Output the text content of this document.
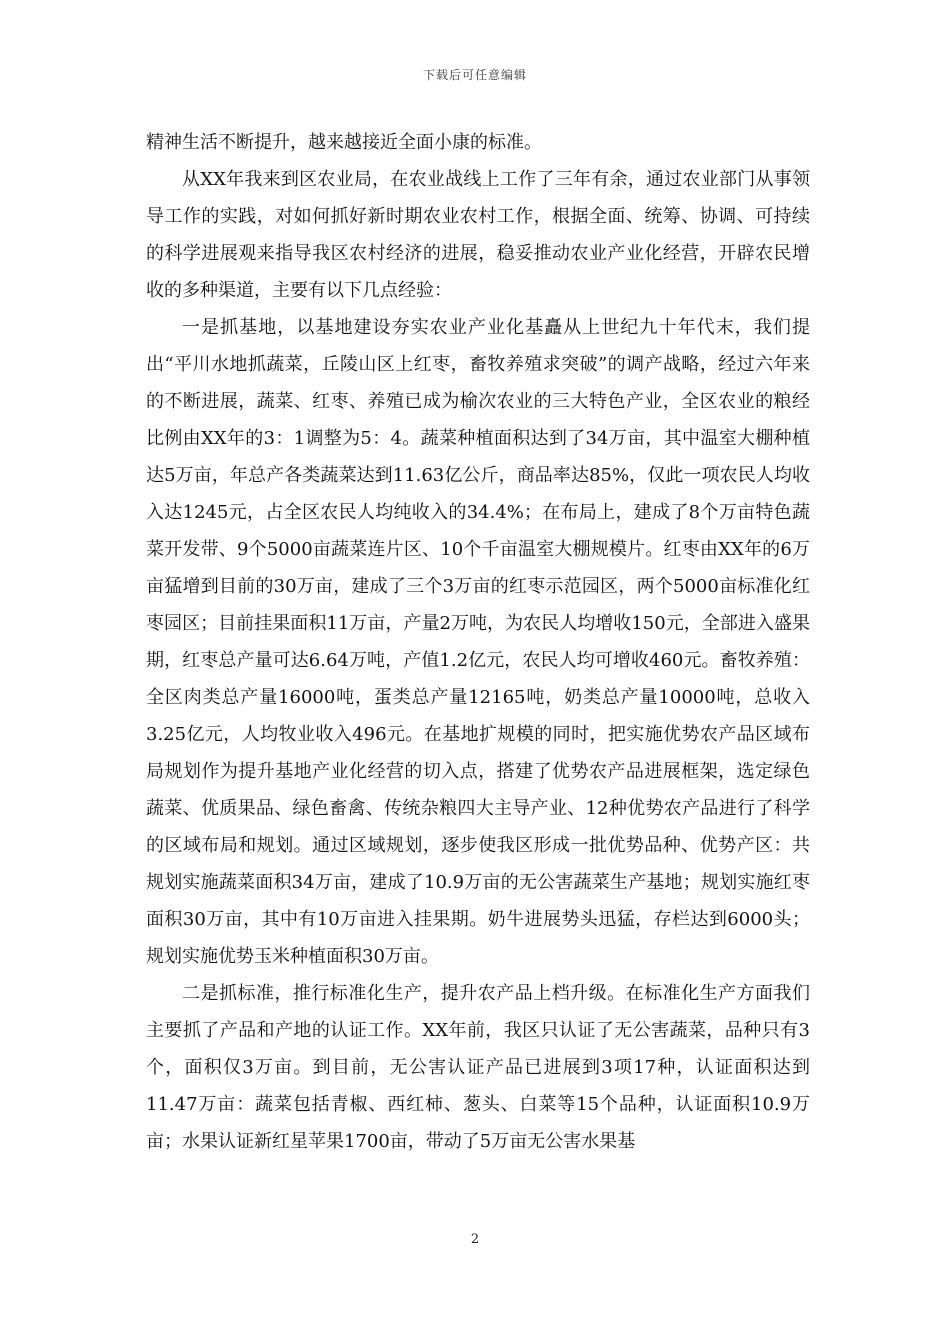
下载后可任意编辑

精神生活不断提升，越来越接近全面小康的标准。

从XX年我来到区农业局，在农业战线上工作了三年有余，通过农业部门从事领导工作的实践，对如何抓好新时期农业农村工作，根据全面、统筹、协调、可持续的科学进展观来指导我区农村经济的进展，稳妥推动农业产业化经营，开辟农民增收的多种渠道，主要有以下几点经验：

一是抓基地，以基地建设夯实农业产业化基矗从上世纪九十年代末，我们提出“平川水地抓蔬菜，丘陵山区上红枣，畜牧养殖求突破”的调产战略，经过六年来的不断进展，蔬菜、红枣、养殖已成为榆次农业的三大特色产业，全区农业的粮经比例由XX年的3：1调整为5：4。蔬菜种植面积达到了34万亩，其中温室大棚种植达5万亩，年总产各类蔬菜达到11.63亿公斤，商品率达85%，仅此一项农民人均收入达1245元，占全区农民人均纯收入的34.4%；在布局上，建成了8个万亩特色蔬菜开发带、9个5000亩蔬菜连片区、10个千亩温室大棚规模片。红枣由XX年的6万亩猛增到目前的30万亩，建成了三个3万亩的红枣示范园区，两个5000亩标准化红枣园区；目前挂果面积11万亩，产量2万吨，为农民人均增收150元，全部进入盛果期，红枣总产量可达6.64万吨，产值1.2亿元，农民人均可增收460元。畜牧养殖：全区肉类总产量16000吨，蛋类总产量12165吨，奶类总产量10000吨，总收入3.25亿元，人均牧业收入496元。在基地扩规模的同时，把实施优势农产品区域布局规划作为提升基地产业化经营的切入点，搭建了优势农产品进展框架，选定绿色蔬菜、优质果品、绿色畜禽、传统杂粮四大主导产业、12种优势农产品进行了科学的区域布局和规划。通过区域规划，逐步使我区形成一批优势品种、优势产区：共规划实施蔬菜面积34万亩，建成了10.9万亩的无公害蔬菜生产基地；规划实施红枣面积30万亩，其中有10万亩进入挂果期。奶牛进展势头迅猛，存栏达到6000头；规划实施优势玉米种植面积30万亩。

二是抓标准，推行标准化生产，提升农产品上档升级。在标准化生产方面我们主要抓了产品和产地的认证工作。XX年前，我区只认证了无公害蔬菜，品种只有3个，面积仅3万亩。到目前，无公害认证产品已进展到3项17种，认证面积达到11.47万亩：蔬菜包括青椒、西红柿、葱头、白菜等15个品种，认证面积10.9万亩；水果认证新红星苹果1700亩，带动了5万亩无公害水果基

2
